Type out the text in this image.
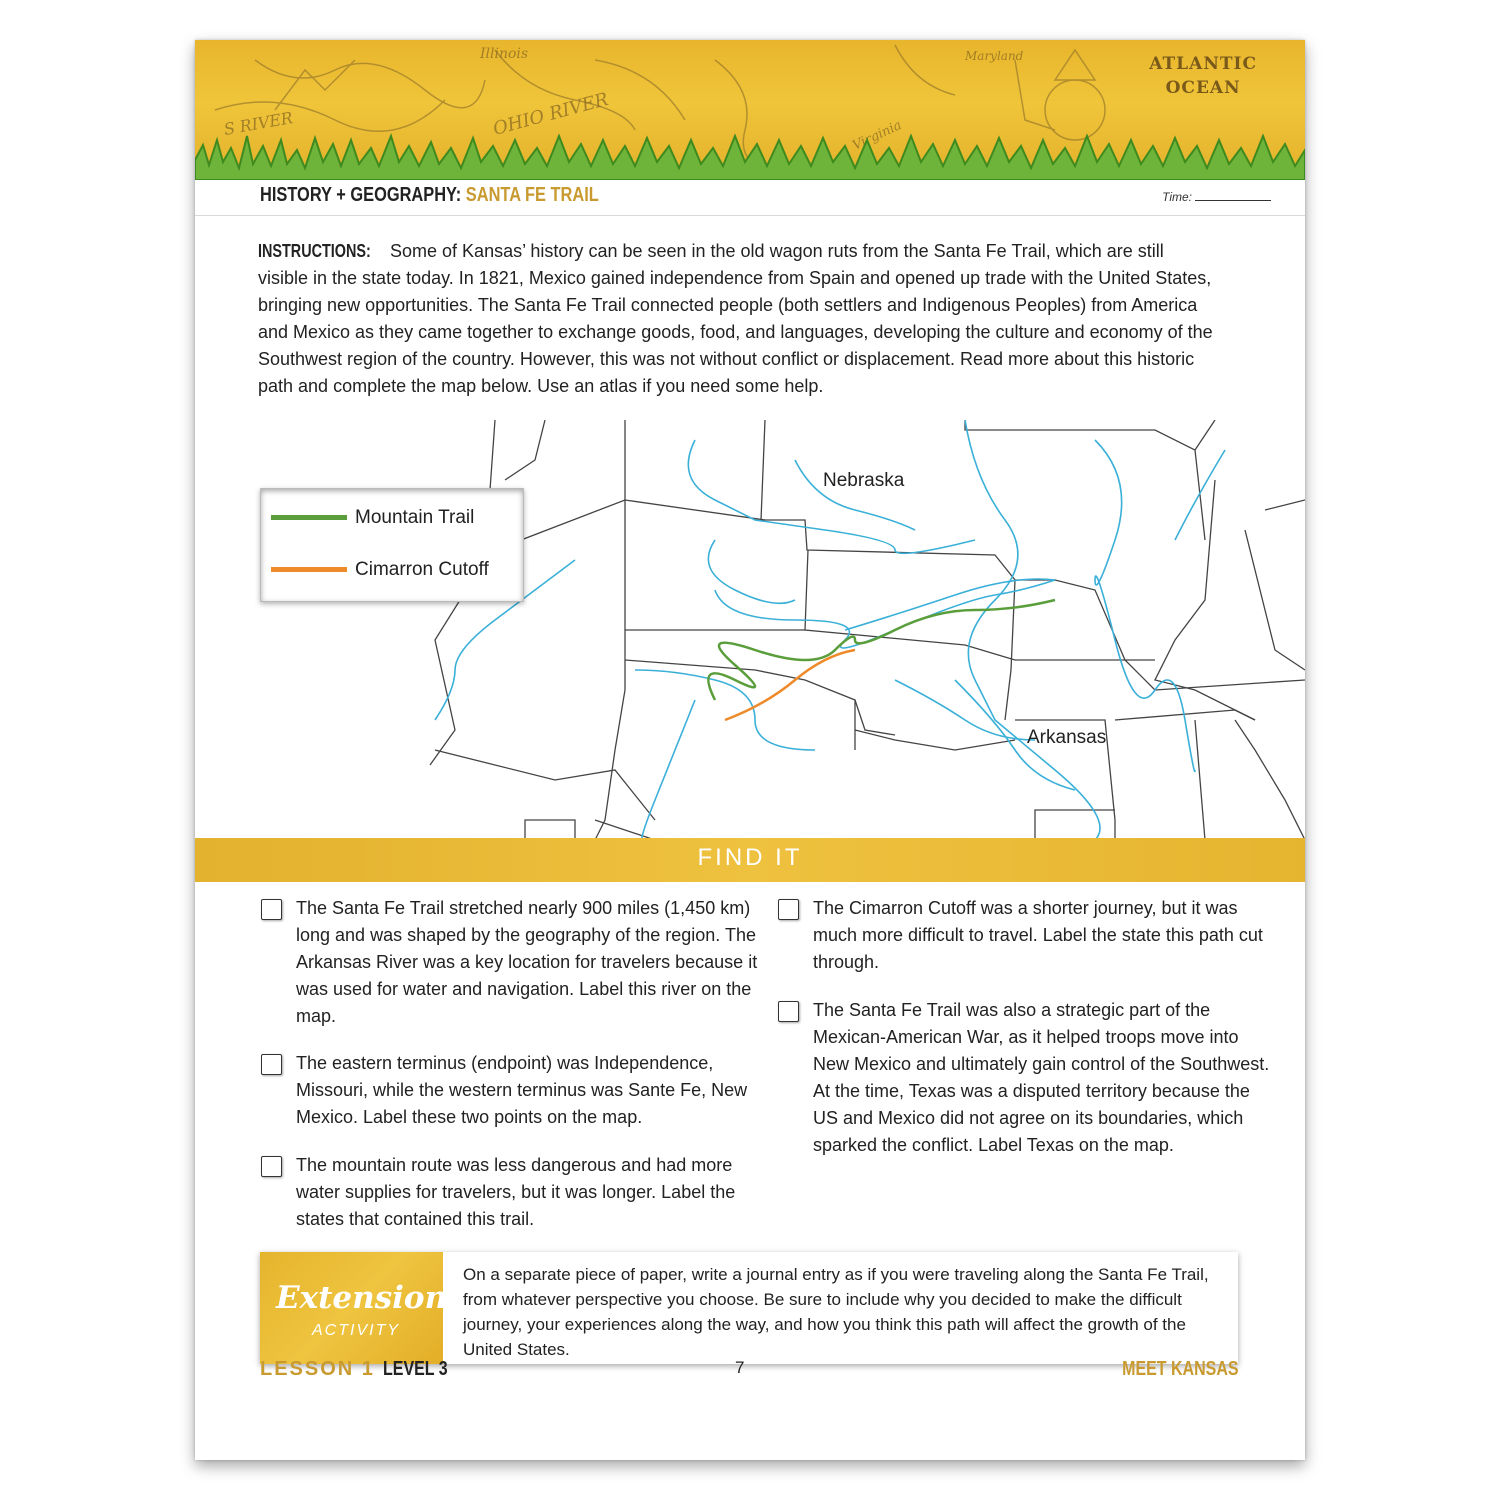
Illinois
OHIO RIVER
S RIVER	Virginia
Maryland	ATLANTIC
OCEAN
HISTORY + GEOGRAPHY: SANTA FE TRAIL	Time:
INSTRUCTIONS: Some of Kansas’ history can be seen in the old wagon ruts from the Santa Fe Trail, which are still visible in the state today. In 1821, Mexico gained independence from Spain and opened up trade with the United States, bringing new opportunities. The Santa Fe Trail connected people (both settlers and Indigenous Peoples) from America and Mexico as they came together to exchange goods, food, and languages, developing the culture and economy of the Southwest region of the country. However, this was not without conflict or displacement. Read more about this historic path and complete the map below. Use an atlas if you need some help.
Nebraska
Arkansas
Mountain Trail
Cimarron Cutoff
FIND IT
The Santa Fe Trail stretched nearly 900 miles (1,450 km) long and was shaped by the geography of the region. The Arkansas River was a key location for travelers because it was used for water and navigation. Label this river on the map.
The eastern terminus (endpoint) was Independence, Missouri, while the western terminus was Sante Fe, New Mexico. Label these two points on the map.
The mountain route was less dangerous and had more water supplies for travelers, but it was longer. Label the states that contained this trail.
The Cimarron Cutoff was a shorter journey, but it was much more difficult to travel. Label the state this path cut through.
The Santa Fe Trail was also a strategic part of the Mexican-American War, as it helped troops move into New Mexico and ultimately gain control of the Southwest. At the time, Texas was a disputed territory because the US and Mexico did not agree on its boundaries, which sparked the conflict. Label Texas on the map.
Extension
ACTIVITY
On a separate piece of paper, write a journal entry as if you were traveling along the Santa Fe Trail, from whatever perspective you choose. Be sure to include why you decided to make the difficult journey, your experiences along the way, and how you think this path will affect the growth of the United States.
LESSON 1 LEVEL 3	7	MEET KANSAS
